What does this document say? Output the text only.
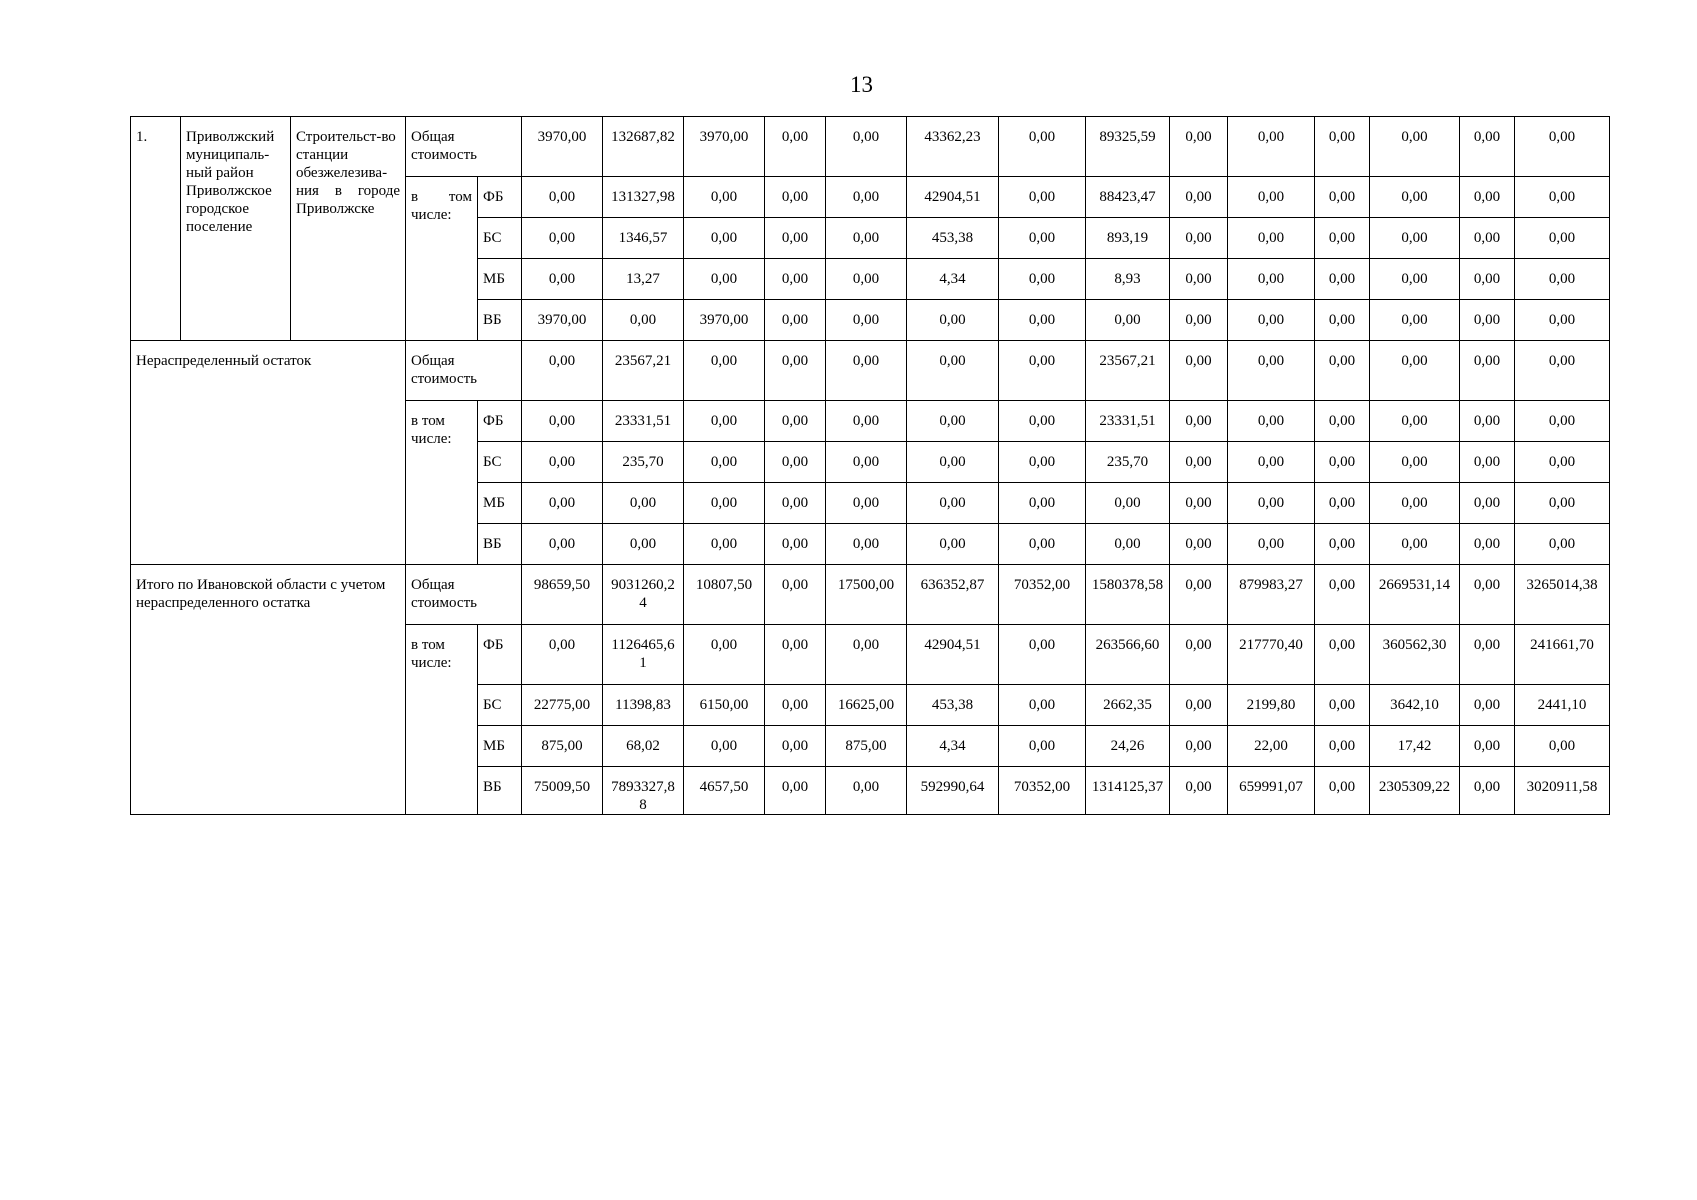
13
1.	Приволжский муниципаль-ный район Приволжское городское поселение	Строительст-во станции обезжелезива-ния в городе Приволжске	Общая стоимость		3970,00	132687,82	3970,00	0,00	0,00	43362,23	0,00	89325,59	0,00	0,00	0,00	0,00	0,00	0,00
			в том числе:	ФБ	0,00	131327,98	0,00	0,00	0,00	42904,51	0,00	88423,47	0,00	0,00	0,00	0,00	0,00	0,00
				БС	0,00	1346,57	0,00	0,00	0,00	453,38	0,00	893,19	0,00	0,00	0,00	0,00	0,00	0,00
				МБ	0,00	13,27	0,00	0,00	0,00	4,34	0,00	8,93	0,00	0,00	0,00	0,00	0,00	0,00
				ВБ	3970,00	0,00	3970,00	0,00	0,00	0,00	0,00	0,00	0,00	0,00	0,00	0,00	0,00	0,00
Нераспределенный остаток			Общая стоимость		0,00	23567,21	0,00	0,00	0,00	0,00	0,00	23567,21	0,00	0,00	0,00	0,00	0,00	0,00
			в том числе:	ФБ	0,00	23331,51	0,00	0,00	0,00	0,00	0,00	23331,51	0,00	0,00	0,00	0,00	0,00	0,00
				БС	0,00	235,70	0,00	0,00	0,00	0,00	0,00	235,70	0,00	0,00	0,00	0,00	0,00	0,00
				МБ	0,00	0,00	0,00	0,00	0,00	0,00	0,00	0,00	0,00	0,00	0,00	0,00	0,00	0,00
				ВБ	0,00	0,00	0,00	0,00	0,00	0,00	0,00	0,00	0,00	0,00	0,00	0,00	0,00	0,00
Итого по Ивановской области с учетом нераспределенного остатка			Общая стоимость		98659,50	9031260,24	10807,50	0,00	17500,00	636352,87	70352,00	1580378,58	0,00	879983,27	0,00	2669531,14	0,00	3265014,38
			в том числе:	ФБ	0,00	1126465,61	0,00	0,00	0,00	42904,51	0,00	263566,60	0,00	217770,40	0,00	360562,30	0,00	241661,70
				БС	22775,00	11398,83	6150,00	0,00	16625,00	453,38	0,00	2662,35	0,00	2199,80	0,00	3642,10	0,00	2441,10
				МБ	875,00	68,02	0,00	0,00	875,00	4,34	0,00	24,26	0,00	22,00	0,00	17,42	0,00	0,00
				ВБ	75009,50	7893327,88	4657,50	0,00	0,00	592990,64	70352,00	1314125,37	0,00	659991,07	0,00	2305309,22	0,00	3020911,58
